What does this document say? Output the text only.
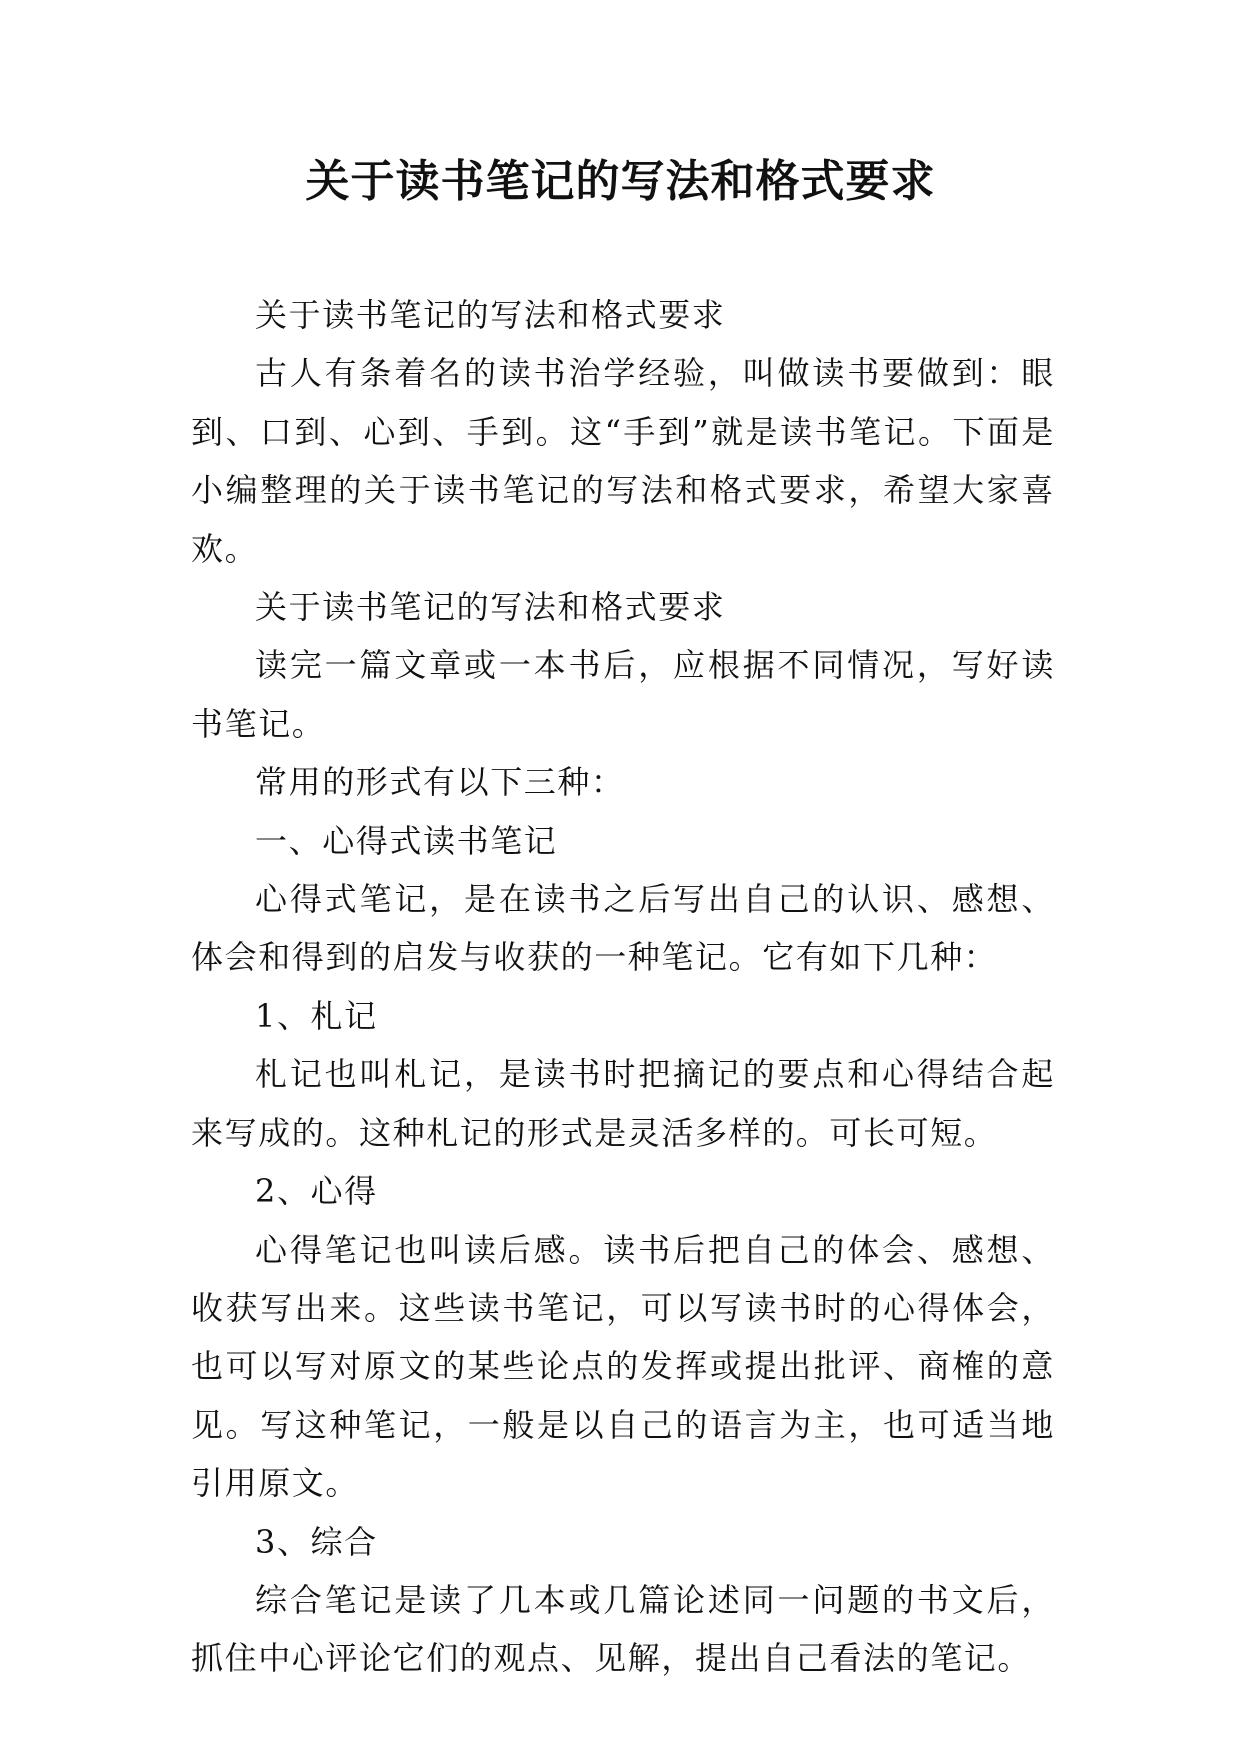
关于读书笔记的写法和格式要求

关于读书笔记的写法和格式要求

古人有条着名的读书治学经验，叫做读书要做到：眼到、口到、心到、手到。这“手到”就是读书笔记。下面是小编整理的关于读书笔记的写法和格式要求，希望大家喜欢。

关于读书笔记的写法和格式要求

读完一篇文章或一本书后，应根据不同情况，写好读书笔记。

常用的形式有以下三种：

一、心得式读书笔记

心得式笔记，是在读书之后写出自己的认识、感想、体会和得到的启发与收获的一种笔记。它有如下几种：

1、札记

札记也叫札记，是读书时把摘记的要点和心得结合起来写成的。这种札记的形式是灵活多样的。可长可短。

2、心得

心得笔记也叫读后感。读书后把自己的体会、感想、收获写出来。这些读书笔记，可以写读书时的心得体会，也可以写对原文的某些论点的发挥或提出批评、商榷的意见。写这种笔记，一般是以自己的语言为主，也可适当地引用原文。

3、综合

综合笔记是读了几本或几篇论述同一问题的书文后，抓住中心评论它们的观点、见解，提出自己看法的笔记。
